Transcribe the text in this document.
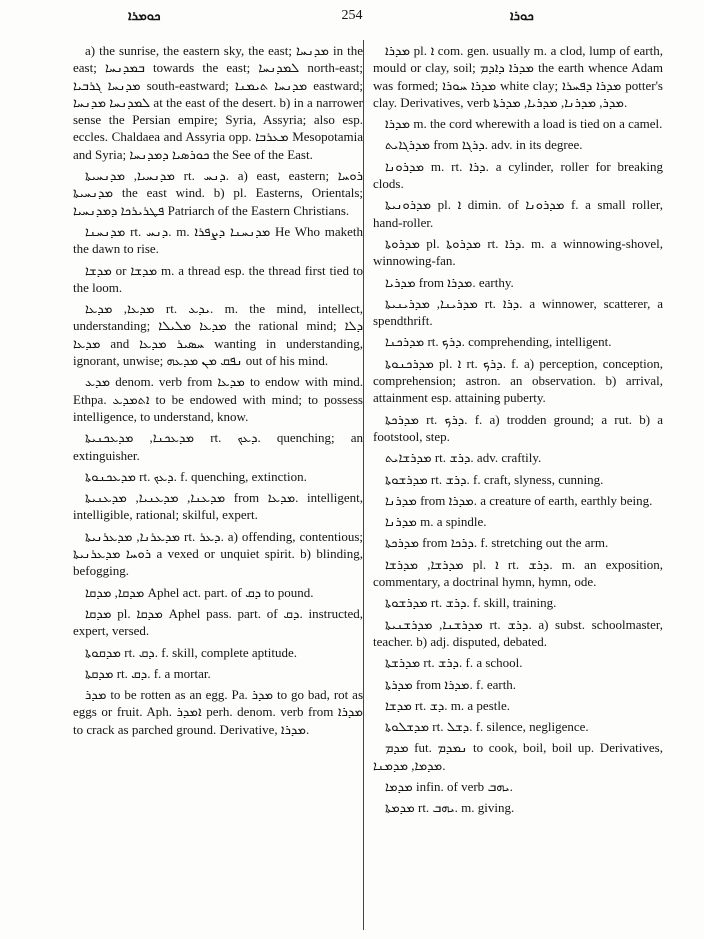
ܟܘܡܪܐ	254	ܟܘܪܐ

a) the sunrise, the eastern sky, the east; ܡܕܢܚܐ in the east; ܒܡܕܢܚܐ towards the east; ܠܡܕܢܚܐ north-east; ܡܕܢܚܐ ܓܪܒܝܐ south-eastward; ܡܕܢܚܐ ܬܝܡܢܐ eastward; ܠܡܕܢܚܐ ܡܕܢܚܐ at the east of the desert. b) in a narrower sense the Persian empire; Syria, Assyria; also esp. eccles. Chaldaea and Assyria opp. ܡܥܪܒܐ Mesopotamia and Syria; ܟܘܪܣܝܐ ܕܡܕܢܚܐ the See of the East.

ܡܕܢܚܝܐ, ܡܕܢܚܝܬܐ rt. ܕܢܚ. a) east, eastern; ܪܘܚܐ ܡܕܢܚܝܬܐ the east wind. b) pl. Easterns, Orientals; ܦܛܪܝܪܟܐ ܕܡܕܢܚܝܐ Patriarch of the Eastern Christians.

ܡܕܢܚܢܐ rt. ܕܢܚ. m. ܡܕܢܚܢܐ ܕܨܦܪܐ He Who maketh the dawn to rise.

ܡܕܫܐ or ܡܕܫܐ m. a thread esp. the thread first tied to the loom.

ܡܕܥܐ, ܡܕܥܐ rt. ܝܕܥ. m. the mind, intellect, understanding; ܡܕܥܐ ܡܠܝܠܐ the rational mind; ܕܠܐ ܡܕܥܐ and ܚܣܝܪ ܡܕܥܐ wanting in understanding, ignorant, unwise; ܢܦܩ ܡܢ ܡܕܥܗ out of his mind.

ܡܕܥ denom. verb from ܡܕܥܐ to endow with mind. Ethpa. ܐܬܡܕܥ to be endowed with mind; to possess intelligence, to understand, know.

ܡܕܥܟܢܐ, ܡܕܥܟܢܝܬܐ rt. ܕܥܟ. quenching; an extinguisher.

ܡܕܥܟܢܘܬܐ rt. ܕܥܟ. f. quenching, extinction.

ܡܕܥܢܐ, ܡܕܥܢܝܐ, ܡܕܥܢܝܬܐ from ܡܕܥܐ. intelligent, intelligible, rational; skilful, expert.

ܡܕܥܪܢܐ, ܡܕܥܪܢܝܬܐ rt. ܕܥܪ. a) offending, contentious; ܪܘܚܐ ܡܕܥܪܢܝܬܐ a vexed or unquiet spirit. b) blinding, befogging.

ܡܕܩܐ, ܡܕܩܐ Aphel act. part. of ܕܩ to pound.

ܡܕܩܐ pl. ܡܕܩܐ Aphel pass. part. of ܕܩ. instructed, expert, versed.

ܡܕܩܘܬܐ rt. ܕܩ. f. skill, complete aptitude.

ܡܕܩܬܐ rt. ܕܩ. f. a mortar.

ܡܕܪ to be rotten as an egg. Pa. ܡܕܪ to go bad, rot as eggs or fruit. Aph. ܐܡܕܪ perh. denom. verb from ܡܕܪܐ to crack as parched ground. Derivative, ܡܕܪܐ.

ܡܕܪܐ pl. ܐ com. gen. usually m. a clod, lump of earth, mould or clay, soil; ܡܕܪܐ ܕܐܕܡ the earth whence Adam was formed; ܡܕܪܐ ܚܘܪܐ white clay; ܡܕܪܐ ܕܦܚܪܐ potter's clay. Derivatives, verb ܡܕܪ, ܡܕܪܢܐ, ܡܕܪܝܐ, ܡܕܪܬܐ.

ܡܕܪܐ m. the cord wherewith a load is tied on a camel.

ܡܕܪܓܐܝܬ from ܕܪܓܐ. adv. in its degree.

ܡܕܪܘܢܐ m. rt. ܕܪܐ. a cylinder, roller for breaking clods.

ܡܕܪܘܢܝܬܐ pl. ܐ dimin. of ܡܕܪܘܢܐ f. a small roller, hand-roller.

ܡܕܪܘܬܐ pl. ܡܕܪܘܬܐ rt. ܕܪܐ. m. a winnowing-shovel, winnowing-fan.

ܡܕܪܝܐ from ܡܕܪܐ. earthy.

ܡܕܪܝܢܐ, ܡܕܪܝܢܝܬܐ rt. ܕܪܐ. a winnower, scatterer, a spendthrift.

ܡܕܪܟܢܐ rt. ܕܪܟ. comprehending, intelligent.

ܡܕܪܟܢܘܬܐ pl. ܐ rt. ܕܪܟ. f. a) perception, conception, comprehension; astron. an observation. b) arrival, attainment esp. attaining puberty.

ܡܕܪܟܬܐ rt. ܕܪܟ. f. a) trodden ground; a rut. b) a footstool, step.

ܡܕܪܫܐܝܬ rt. ܕܪܫ. adv. craftily.

ܡܕܪܫܘܬܐ rt. ܕܪܫ. f. craft, slyness, cunning.

ܡܕܪܢܐ from ܡܕܪܐ. a creature of earth, earthly being.

ܡܕܪܢܐ m. a spindle.

ܡܕܪܟܬܐ from ܕܪܟܐ. f. stretching out the arm.

ܡܕܪܫܐ, ܡܕܪܫܐ pl. ܐ rt. ܕܪܫ. m. an exposition, commentary, a doctrinal hymn, hymn, ode.

ܡܕܪܫܘܬܐ rt. ܕܪܫ. f. skill, training.

ܡܕܪܫܢܐ, ܡܕܪܫܢܝܬܐ rt. ܕܪܫ. a) subst. schoolmaster, teacher. b) adj. disputed, debated.

ܡܕܪܫܬܐ rt. ܕܪܫ. f. a school.

ܡܕܪܬܐ from ܡܕܪܐ. f. earth.

ܡܕܫܐ rt. ܕܫ. m. a pestle.

ܡܕܫܠܘܬܐ rt. ܕܫܠ. f. silence, negligence.

ܡܕܡ fut. ܢܡܕܡ to cook, boil, boil up. Derivatives, ܡܕܡܐ, ܡܕܡܢܐ.

ܡܕܡܐ infin. of verb ܝܗܒ.

ܡܕܡܬܐ rt. ܝܗܒ. m. giving.
